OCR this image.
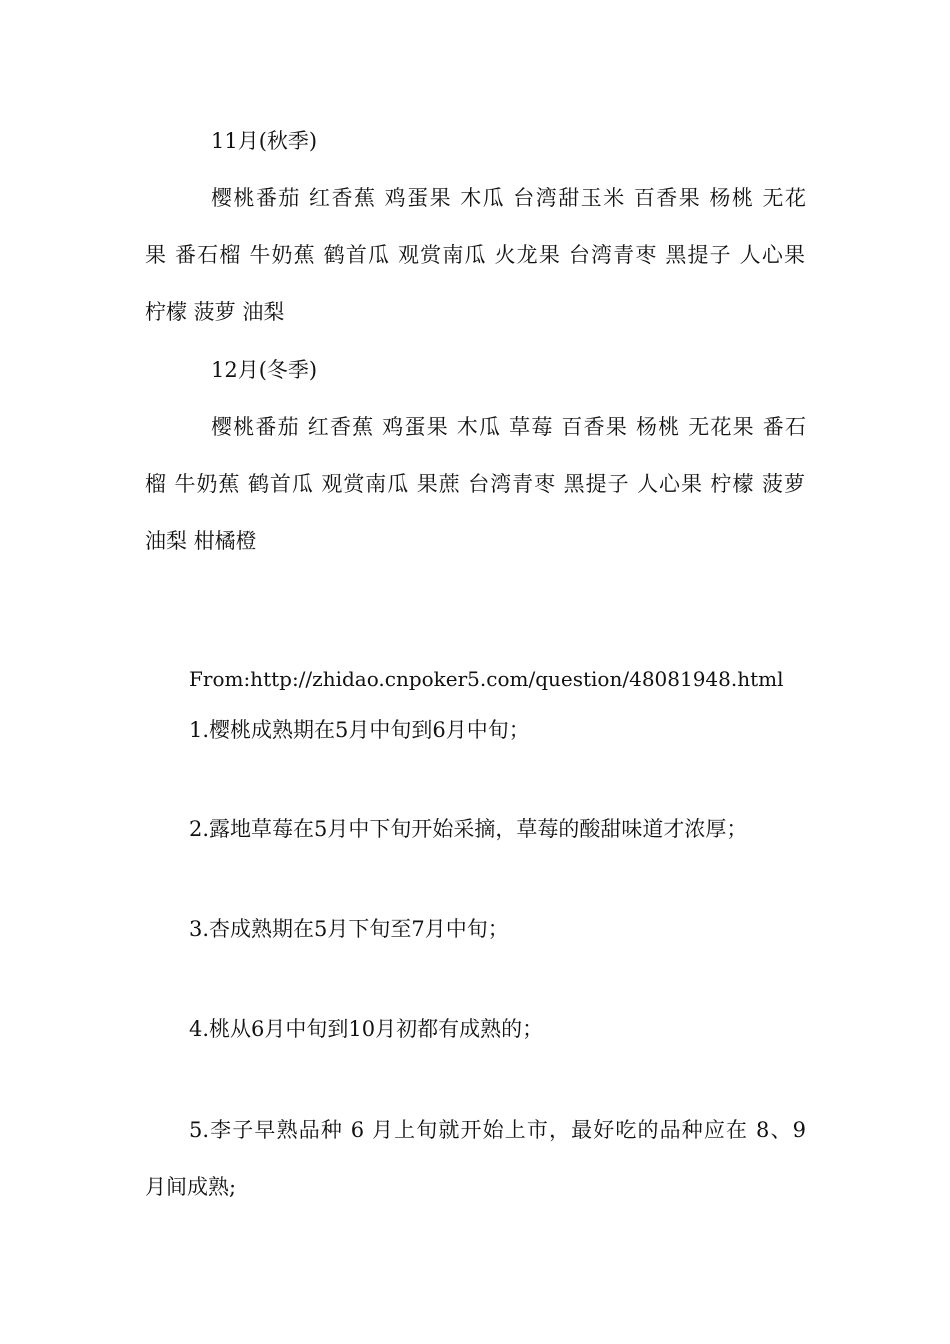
11月(秋季)
樱桃番茄 红香蕉 鸡蛋果 木瓜 台湾甜玉米 百香果 杨桃 无花
果 番石榴 牛奶蕉 鹤首瓜 观赏南瓜 火龙果 台湾青枣 黑提子 人心果
柠檬 菠萝 油梨
12月(冬季)
樱桃番茄 红香蕉 鸡蛋果 木瓜 草莓 百香果 杨桃 无花果 番石
榴 牛奶蕉 鹤首瓜 观赏南瓜 果蔗 台湾青枣 黑提子 人心果 柠檬 菠萝
油梨 柑橘橙
From:http://zhidao.cnpoker5.com/question/48081948.html
1.樱桃成熟期在5月中旬到6月中旬；
2.露地草莓在5月中下旬开始采摘，草莓的酸甜味道才浓厚；
3.杏成熟期在5月下旬至7月中旬；
4.桃从6月中旬到10月初都有成熟的；
5.李子早熟品种 6 月上旬就开始上市，最好吃的品种应在 8、9
月间成熟;
